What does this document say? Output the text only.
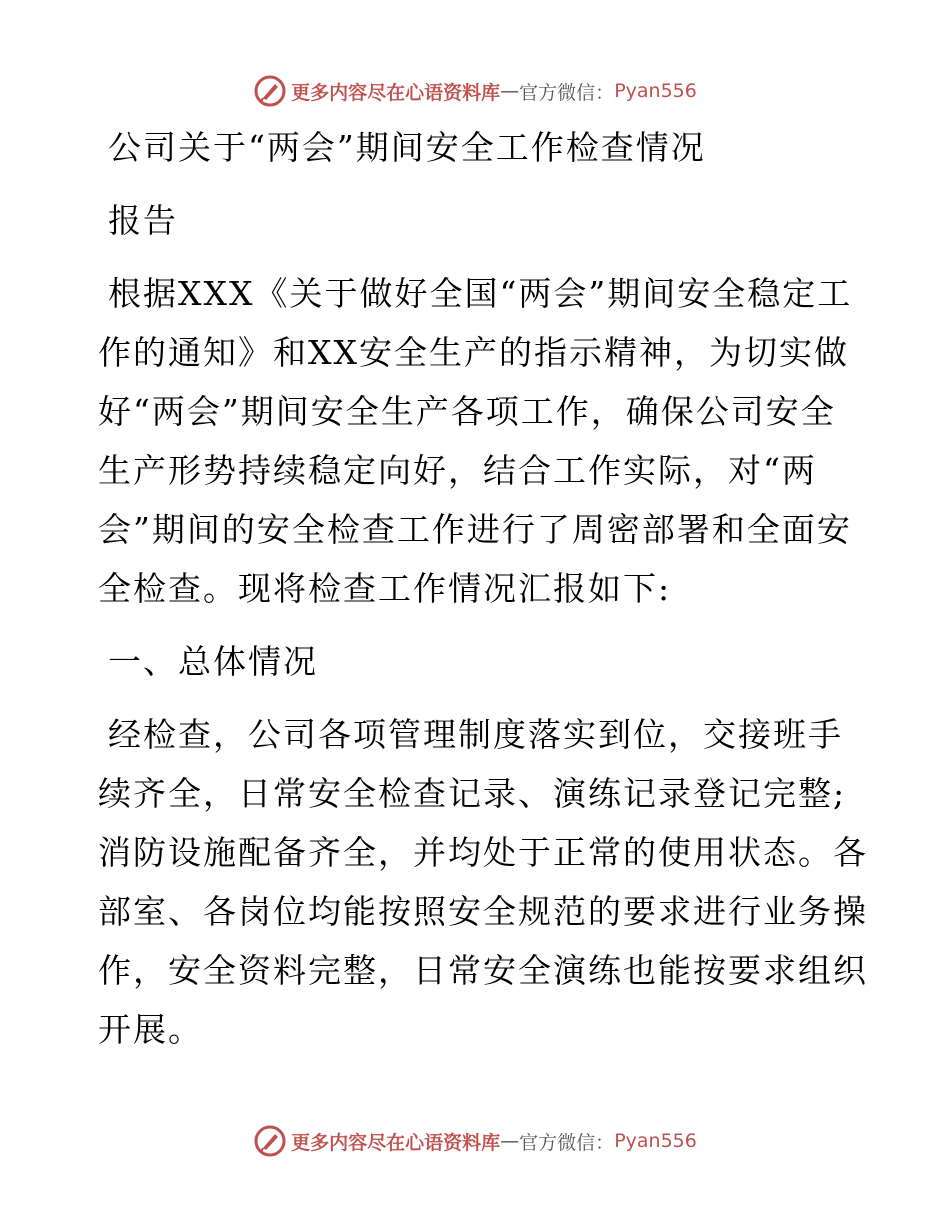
更多内容尽在心语资料库 — 官方微信： Pyan556
公司关于“两会”期间安全工作检查情况
报告
根据XXX《关于做好全国“两会”期间安全稳定工
作的通知》和XX安全生产的指示精神，为切实做
好“两会”期间安全生产各项工作，确保公司安全
生产形势持续稳定向好，结合工作实际，对“两
会”期间的安全检查工作进行了周密部署和全面安
全检查。现将检查工作情况汇报如下:
一、总体情况
经检查，公司各项管理制度落实到位，交接班手
续齐全，日常安全检查记录、演练记录登记完整;
消防设施配备齐全，并均处于正常的使用状态。各
部室、各岗位均能按照安全规范的要求进行业务操
作，安全资料完整，日常安全演练也能按要求组织
开展。
更多内容尽在心语资料库 — 官方微信： Pyan556
